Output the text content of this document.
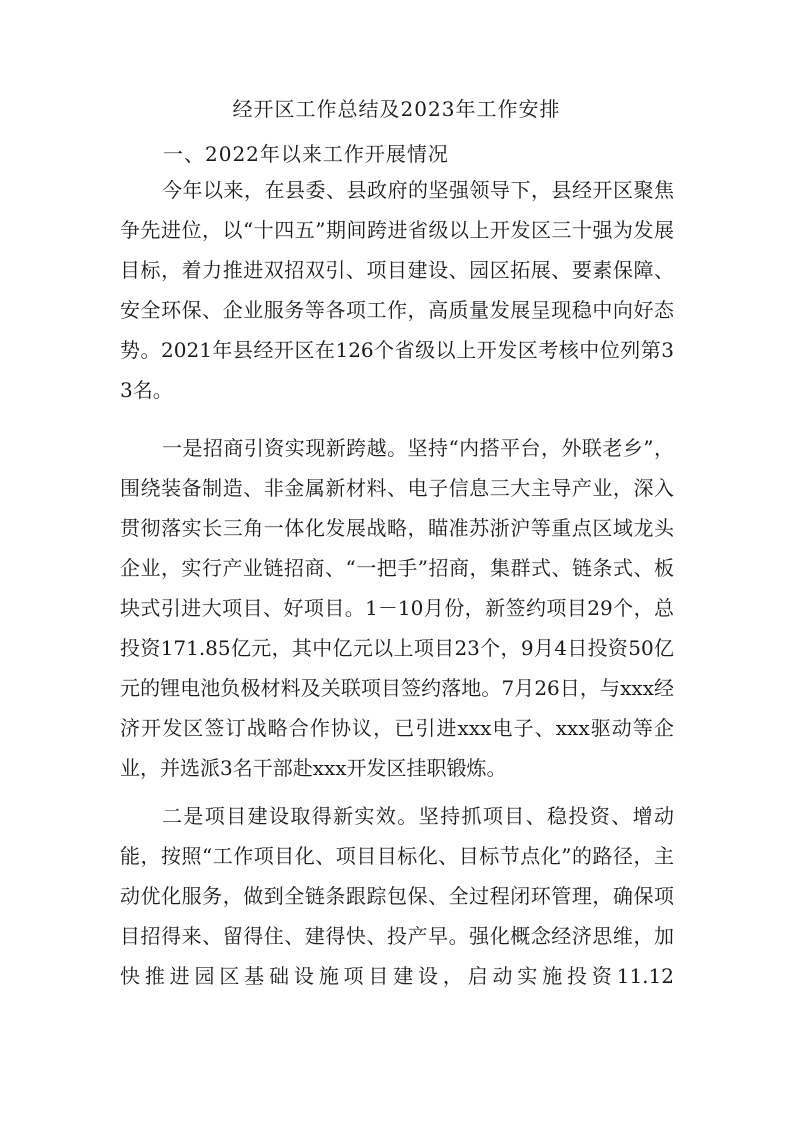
经开区工作总结及2023年工作安排
一、2022年以来工作开展情况

今年以来，在县委、县政府的坚强领导下，县经开区聚焦争先进位，以“十四五”期间跨进省级以上开发区三十强为发展目标，着力推进双招双引、项目建设、园区拓展、要素保障、安全环保、企业服务等各项工作，高质量发展呈现稳中向好态势。2021年县经开区在126个省级以上开发区考核中位列第33名。

一是招商引资实现新跨越。坚持“内搭平台，外联老乡”，围绕装备制造、非金属新材料、电子信息三大主导产业，深入贯彻落实长三角一体化发展战略，瞄准苏浙沪等重点区域龙头企业，实行产业链招商、“一把手”招商，集群式、链条式、板块式引进大项目、好项目。1－10月份，新签约项目29个，总投资171.85亿元，其中亿元以上项目23个，9月4日投资50亿元的锂电池负极材料及关联项目签约落地。7月26日，与xxx经济开发区签订战略合作协议，已引进xxx电子、xxx驱动等企业，并选派3名干部赴xxx开发区挂职锻炼。

二是项目建设取得新实效。坚持抓项目、稳投资、增动能，按照“工作项目化、项目目标化、目标节点化”的路径，主动优化服务，做到全链条跟踪包保、全过程闭环管理，确保项目招得来、留得住、建得快、投产早。强化概念经济思维，加快推进园区基础设施项目建设，启动实施投资11.12
